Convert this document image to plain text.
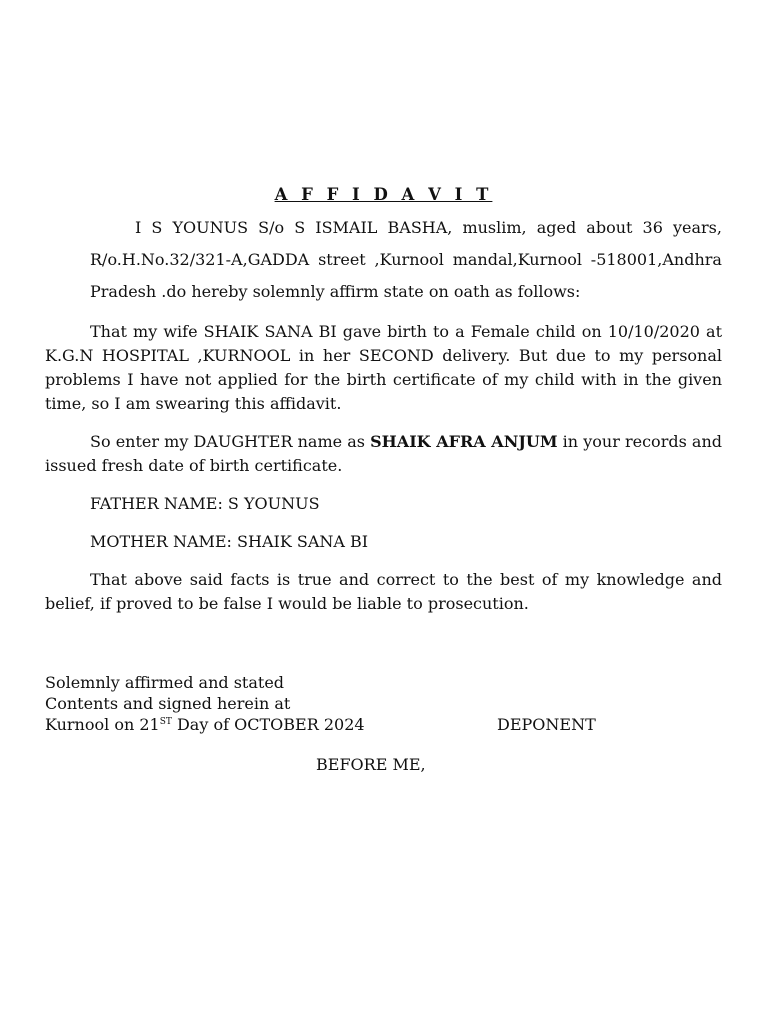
A F F I D A V I T
I S YOUNUS S/o S ISMAIL BASHA, muslim, aged about 36 years,
R/o.H.No.32/321-A,GADDA street ,Kurnool mandal,Kurnool -518001,Andhra
Pradesh .do hereby solemnly affirm state on oath as follows:

That my wife SHAIK SANA BI gave birth to a Female child on 10/10/2020 at K.G.N HOSPITAL ,KURNOOL in her SECOND delivery. But due to my personal problems I have not applied for the birth certificate of my child with in the given time, so I am swearing this affidavit.

So enter my DAUGHTER name as SHAIK AFRA ANJUM in your records and issued fresh date of birth certificate.

FATHER NAME: S YOUNUS

MOTHER NAME: SHAIK SANA BI

That above said facts is true and correct to the best of my knowledge and belief, if proved to be false I would be liable to prosecution.

Solemnly affirmed and stated
Contents and signed herein at
Kurnool on 21ST Day of OCTOBER 2024	DEPONENT
BEFORE ME,
